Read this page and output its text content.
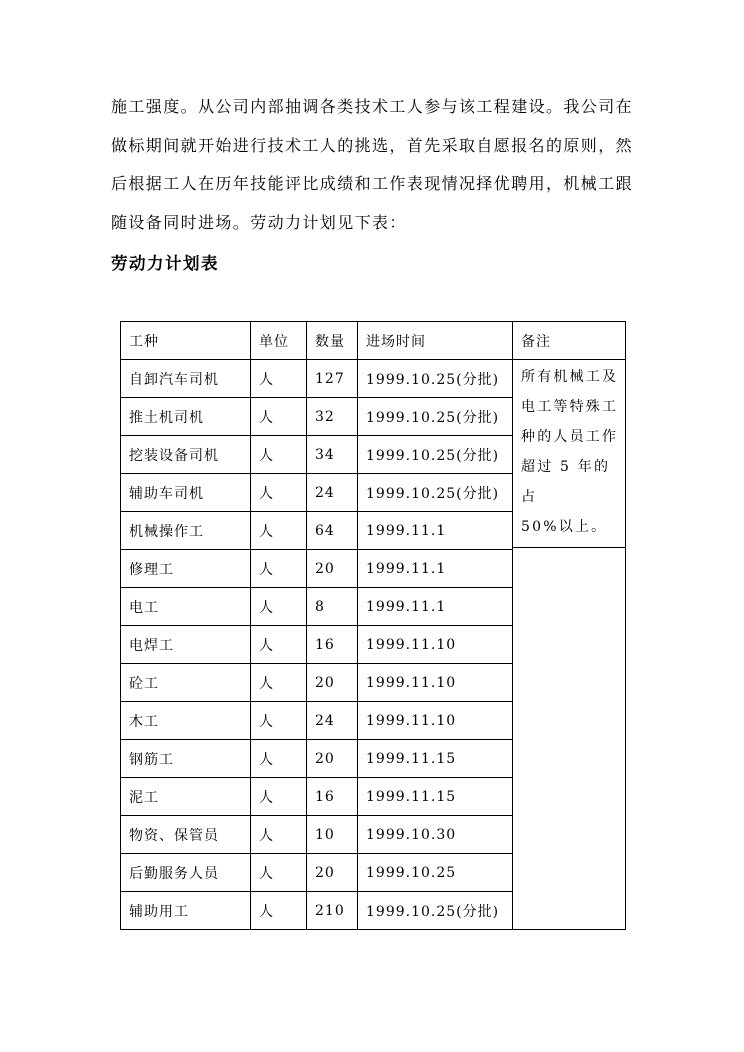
施工强度。从公司内部抽调各类技术工人参与该工程建设。我公司在

做标期间就开始进行技术工人的挑选，首先采取自愿报名的原则，然

后根据工人在历年技能评比成绩和工作表现情况择优聘用，机械工跟

随设备同时进场。劳动力计划见下表：

劳动力计划表
工种	单位	数量	进场时间	备注
自卸汽车司机	人	127	1999.10.25(分批)	所有机械工及

电工等特殊工

种的人员工作

超过 5 年的占

50%以上。

推土机司机	人	32	1999.10.25(分批)	
挖装设备司机	人	34	1999.10.25(分批)	
辅助车司机	人	24	1999.10.25(分批)	
机械操作工	人	64	1999.11.1	
修理工	人	20	1999.11.1	
电工	人	8	1999.11.1	
电焊工	人	16	1999.11.10	
砼工	人	20	1999.11.10	
木工	人	24	1999.11.10	
钢筋工	人	20	1999.11.15	
泥工	人	16	1999.11.15	
物资、保管员	人	10	1999.10.30	
后勤服务人员	人	20	1999.10.25	
辅助用工	人	210	1999.10.25(分批)	
